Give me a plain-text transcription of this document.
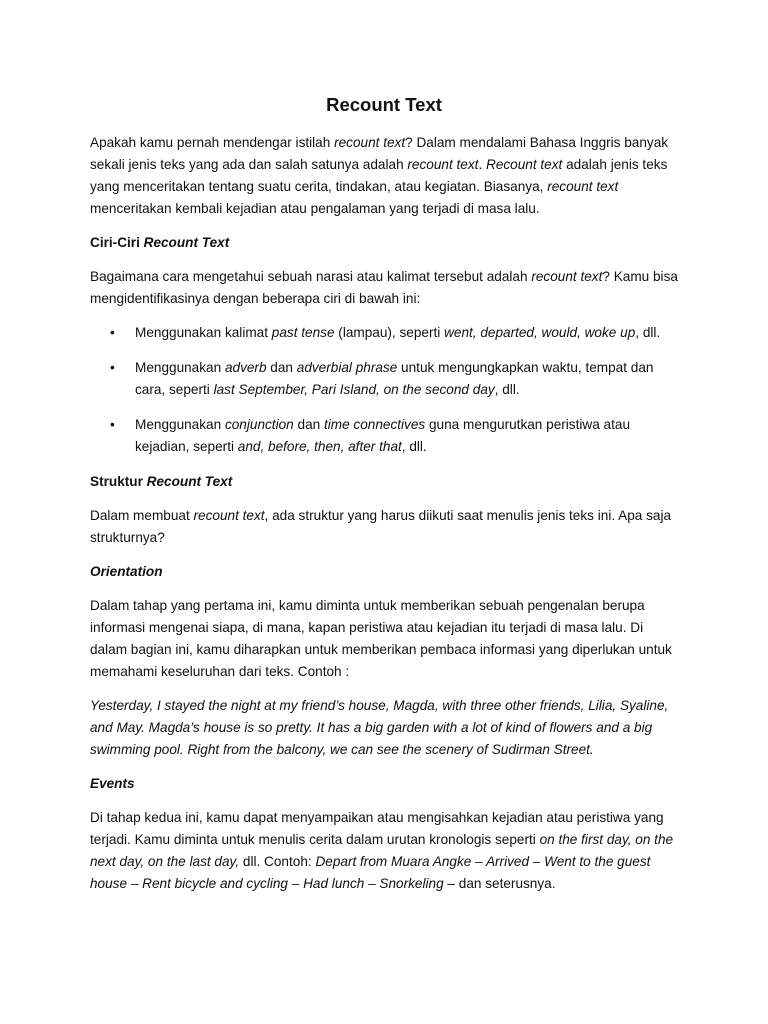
Recount Text

Apakah kamu pernah mendengar istilah recount text? Dalam mendalami Bahasa Inggris banyak sekali jenis teks yang ada dan salah satunya adalah recount text. Recount text adalah jenis teks yang menceritakan tentang suatu cerita, tindakan, atau kegiatan. Biasanya, recount text menceritakan kembali kejadian atau pengalaman yang terjadi di masa lalu.

Ciri-Ciri Recount Text

Bagaimana cara mengetahui sebuah narasi atau kalimat tersebut adalah recount text? Kamu bisa mengidentifikasinya dengan beberapa ciri di bawah ini:

• Menggunakan kalimat past tense (lampau), seperti went, departed, would, woke up, dll.
• Menggunakan adverb dan adverbial phrase untuk mengungkapkan waktu, tempat dan cara, seperti last September, Pari Island, on the second day, dll.
• Menggunakan conjunction dan time connectives guna mengurutkan peristiwa atau kejadian, seperti and, before, then, after that, dll.

Struktur Recount Text

Dalam membuat recount text, ada struktur yang harus diikuti saat menulis jenis teks ini. Apa saja strukturnya?

Orientation

Dalam tahap yang pertama ini, kamu diminta untuk memberikan sebuah pengenalan berupa informasi mengenai siapa, di mana, kapan peristiwa atau kejadian itu terjadi di masa lalu. Di dalam bagian ini, kamu diharapkan untuk memberikan pembaca informasi yang diperlukan untuk memahami keseluruhan dari teks. Contoh :

Yesterday, I stayed the night at my friend’s house, Magda, with three other friends, Lilia, Syaline, and May. Magda’s house is so pretty. It has a big garden with a lot of kind of flowers and a big swimming pool. Right from the balcony, we can see the scenery of Sudirman Street.

Events

Di tahap kedua ini, kamu dapat menyampaikan atau mengisahkan kejadian atau peristiwa yang terjadi. Kamu diminta untuk menulis cerita dalam urutan kronologis seperti on the first day, on the next day, on the last day, dll. Contoh: Depart from Muara Angke – Arrived – Went to the guest house – Rent bicycle and cycling – Had lunch – Snorkeling – dan seterusnya.
